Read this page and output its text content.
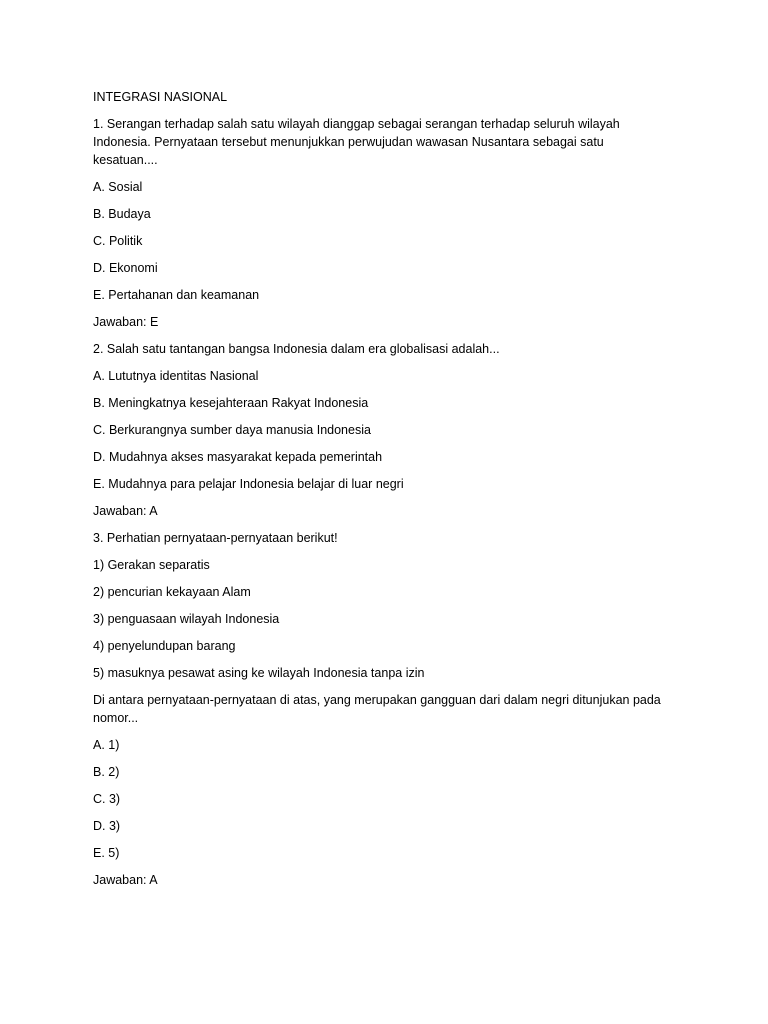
INTEGRASI NASIONAL

1. Serangan terhadap salah satu wilayah dianggap sebagai serangan terhadap seluruh wilayah Indonesia. Pernyataan tersebut menunjukkan perwujudan wawasan Nusantara sebagai satu kesatuan....

A. Sosial

B. Budaya

C. Politik

D. Ekonomi

E. Pertahanan dan keamanan

Jawaban: E

2. Salah satu tantangan bangsa Indonesia dalam era globalisasi adalah...

A. Lututnya identitas Nasional

B. Meningkatnya kesejahteraan Rakyat Indonesia

C. Berkurangnya sumber daya manusia Indonesia

D. Mudahnya akses masyarakat kepada pemerintah

E. Mudahnya para pelajar Indonesia belajar di luar negri

Jawaban: A

3. Perhatian pernyataan-pernyataan berikut!

1) Gerakan separatis

2) pencurian kekayaan Alam

3) penguasaan wilayah Indonesia

4) penyelundupan barang

5) masuknya pesawat asing ke wilayah Indonesia tanpa izin

Di antara pernyataan-pernyataan di atas, yang merupakan gangguan dari dalam negri ditunjukan pada nomor...

A. 1)

B. 2)

C. 3)

D. 3)

E. 5)

Jawaban: A
